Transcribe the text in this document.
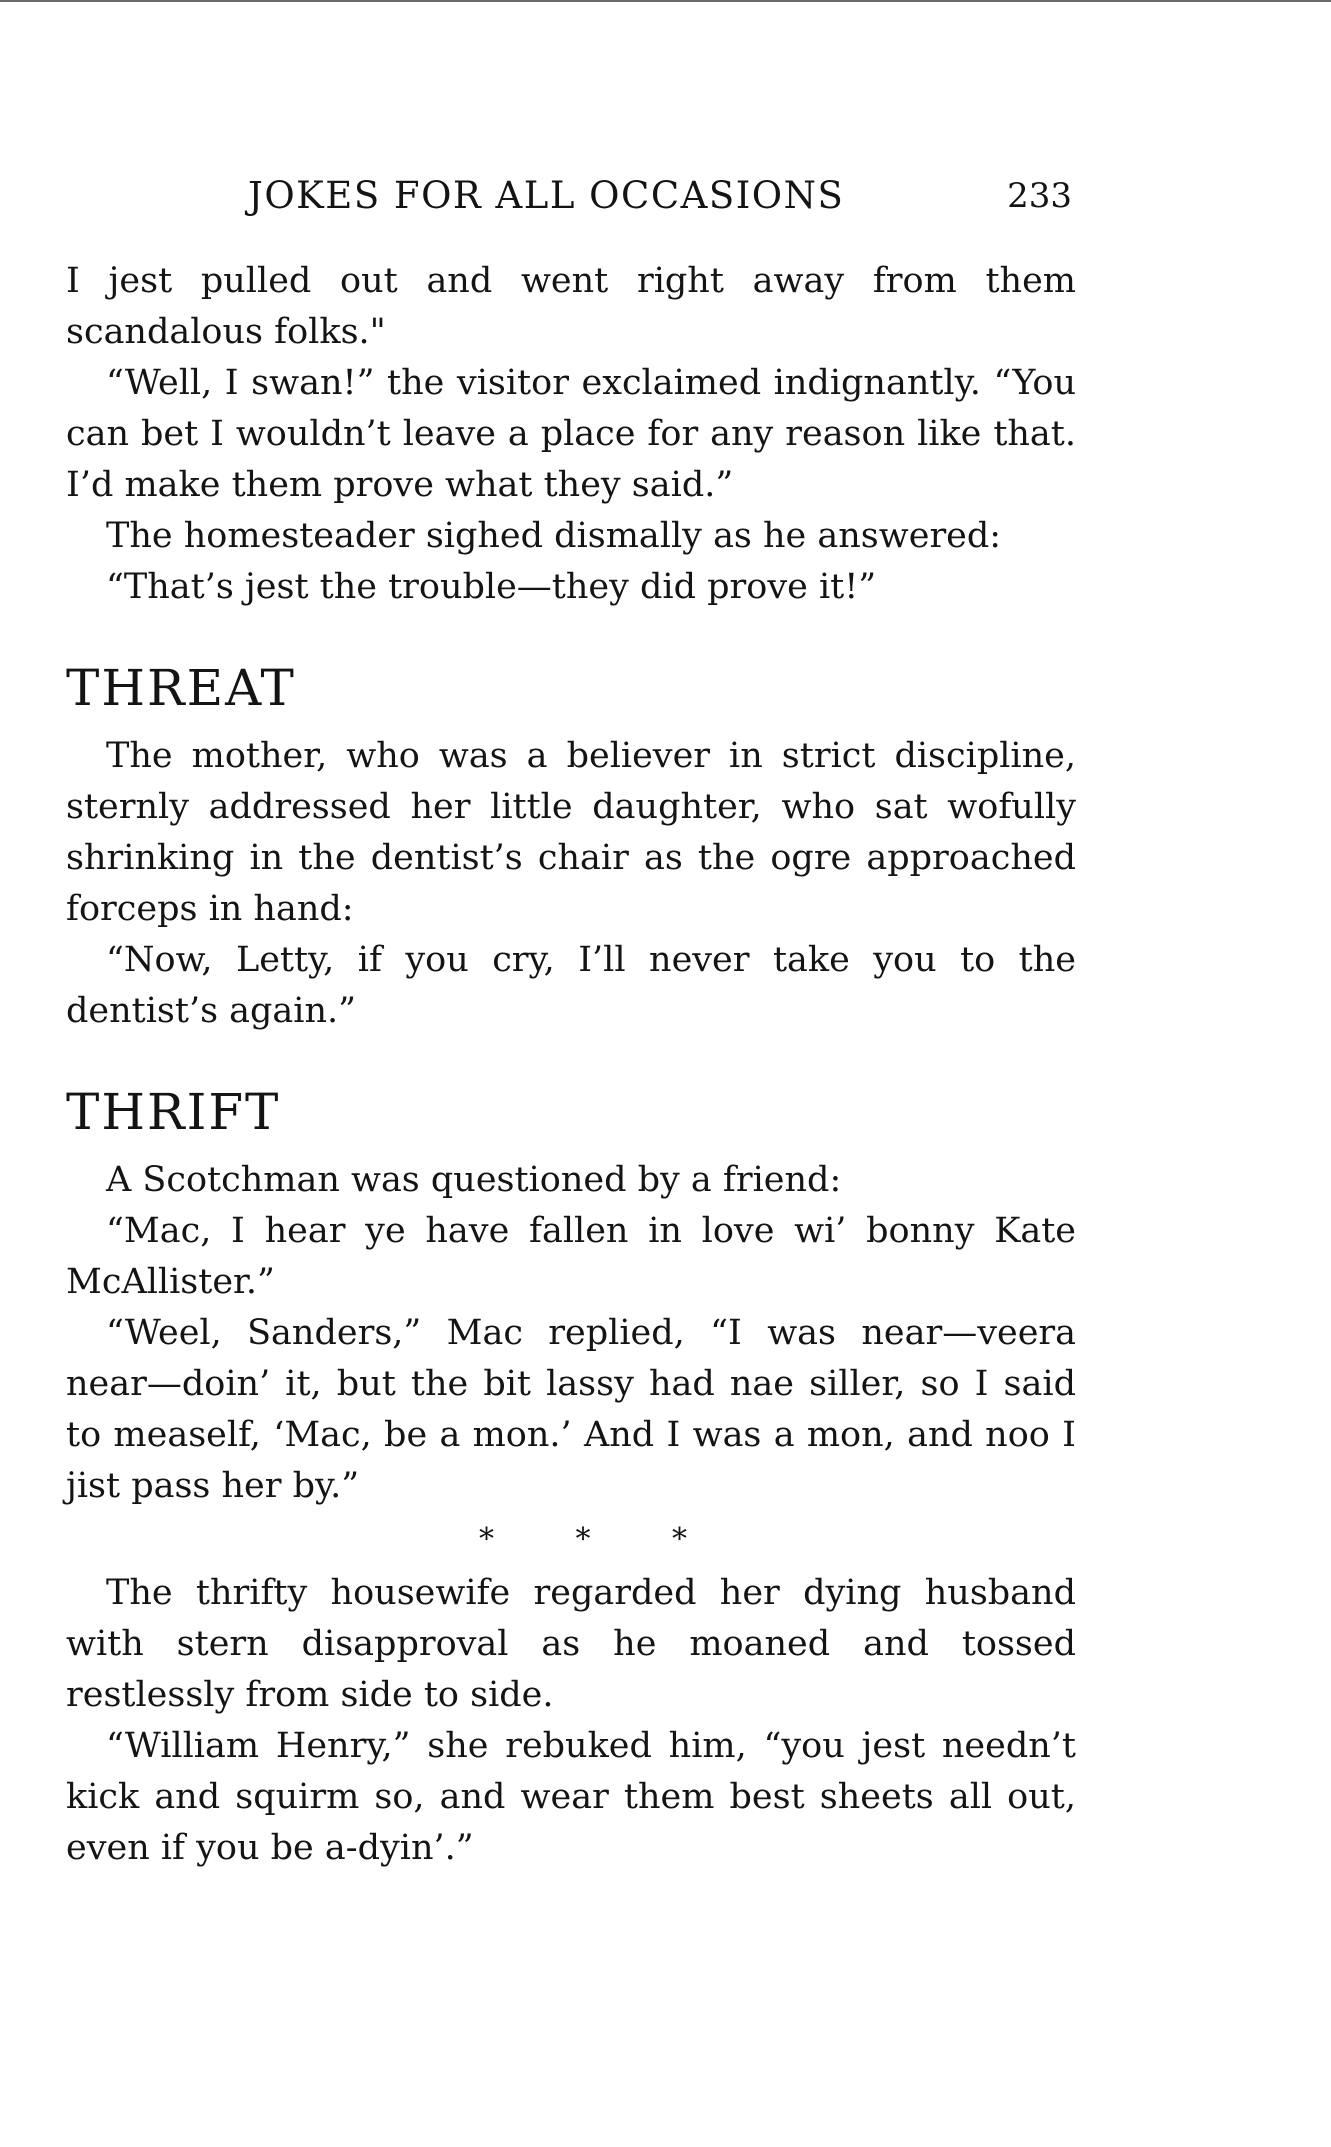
JOKES FOR ALL OCCASIONS	233

I jest pulled out and went right away from them scandalous folks."

“Well, I swan!” the visitor exclaimed indignantly. “You can bet I wouldn’t leave a place for any reason like that. I’d make them prove what they said.”

The homesteader sighed dismally as he answered:

“That’s jest the trouble—they did prove it!”

THREAT

The mother, who was a believer in strict discipline, sternly addressed her little daughter, who sat wofully shrinking in the dentist’s chair as the ogre approached forceps in hand:

“Now, Letty, if you cry, I’ll never take you to the dentist’s again.”

THRIFT

A Scotchman was questioned by a friend:

“Mac, I hear ye have fallen in love wi’ bonny Kate McAllister.”

“Weel, Sanders,” Mac replied, “I was near—veera near—doin’ it, but the bit lassy had nae siller, so I said to meaself, ‘Mac, be a mon.’ And I was a mon, and noo I jist pass her by.”

* * *

The thrifty housewife regarded her dying husband with stern disapproval as he moaned and tossed restlessly from side to side.

“William Henry,” she rebuked him, “you jest needn’t kick and squirm so, and wear them best sheets all out, even if you be a-dyin’.”
